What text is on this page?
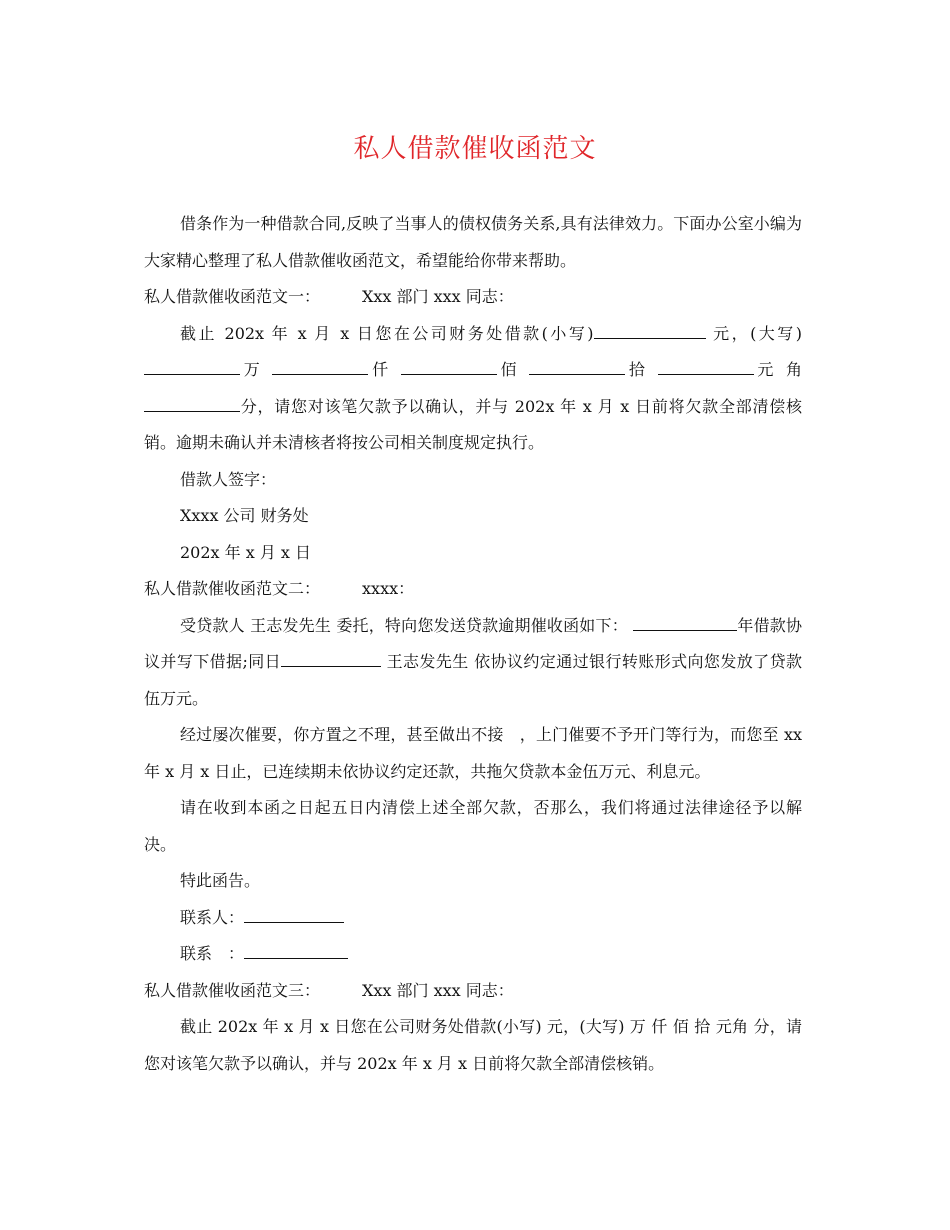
私人借款催收函范文

借条作为一种借款合同,反映了当事人的债权债务关系,具有法律效力。下面办公室小编为大家精心整理了私人借款催收函范文，希望能给你带来帮助。

私人借款催收函范文一：	Xxx 部门 xxx 同志：

截止 202x 年 x 月 x 日您在公司财务处借款(小写)	元，(大写)万	仟	佰	拾	元 角 分，请您对该笔欠款予以确认，并与 202x 年 x 月 x 日前将欠款全部清偿核销。逾期未确认并未清核者将按公司相关制度规定执行。

借款人签字：

Xxxx 公司 财务处

202x 年 x 月 x 日

私人借款催收函范文二：	xxxx：

受贷款人 王志发先生 委托，特向您发送贷款逾期催收函如下：	年借款协议并写下借据;同日	王志发先生 依协议约定通过银行转账形式向您发放了贷款伍万元。

经过屡次催要，你方置之不理，甚至做出不接　，上门催要不予开门等行为，而您至 xx 年 x 月 x 日止，已连续期未依协议约定还款，共拖欠贷款本金伍万元、利息元。

请在收到本函之日起五日内清偿上述全部欠款，否那么，我们将通过法律途径予以解决。

特此函告。

联系人：

联系　：

私人借款催收函范文三：	Xxx 部门 xxx 同志：

截止 202x 年 x 月 x 日您在公司财务处借款(小写) 元，(大写) 万 仟 佰 拾 元角 分，请您对该笔欠款予以确认，并与 202x 年 x 月 x 日前将欠款全部清偿核销。
